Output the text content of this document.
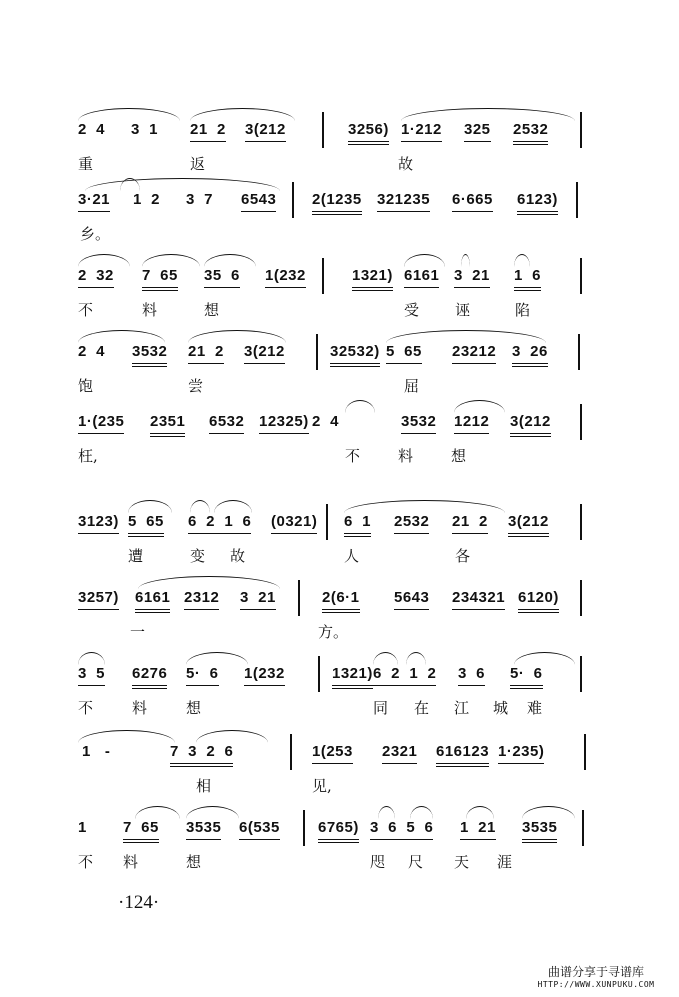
2  4 3  1 21  2 3(212	3256) 1·212 325 2532
重	返	故
3·21 1  2 3  7 6543 2(1235 321235 6·665 6123)
乡。
2  32 7  65 35  6 1(232	1321) 6161 3  21 1  6
不	料	想	受 诬	陷
2  4 3532 21  2 3(212	32532) 5  65 23212 3  26
饱	尝	屈
1·(235 2351 6532 12325) 2  4	3532 1212 3(212
枉,	不	料	想
3123) 5  65 6  2  1  6 (0321) 6  1 2532 21  2 3(212
遭	变 故	人	各
3257) 6161 2312 3  21	2(6·1 5643 234321 6120)
一	方。
3  5 6276 5·  6 1(232	1321) 6  2  1  2 3  6 5·  6
不	料	想	同 在 江 城 难
1   -	7  3  2  6	1(253 2321 616123 1·235)
相	见,
1 7  65 3535 6(535	6765) 3  6  5  6 1  21 3535
不 料	想	咫 尺 天 涯
·124·
曲谱分享于寻谱库
HTTP://WWW.XUNPUKU.COM
